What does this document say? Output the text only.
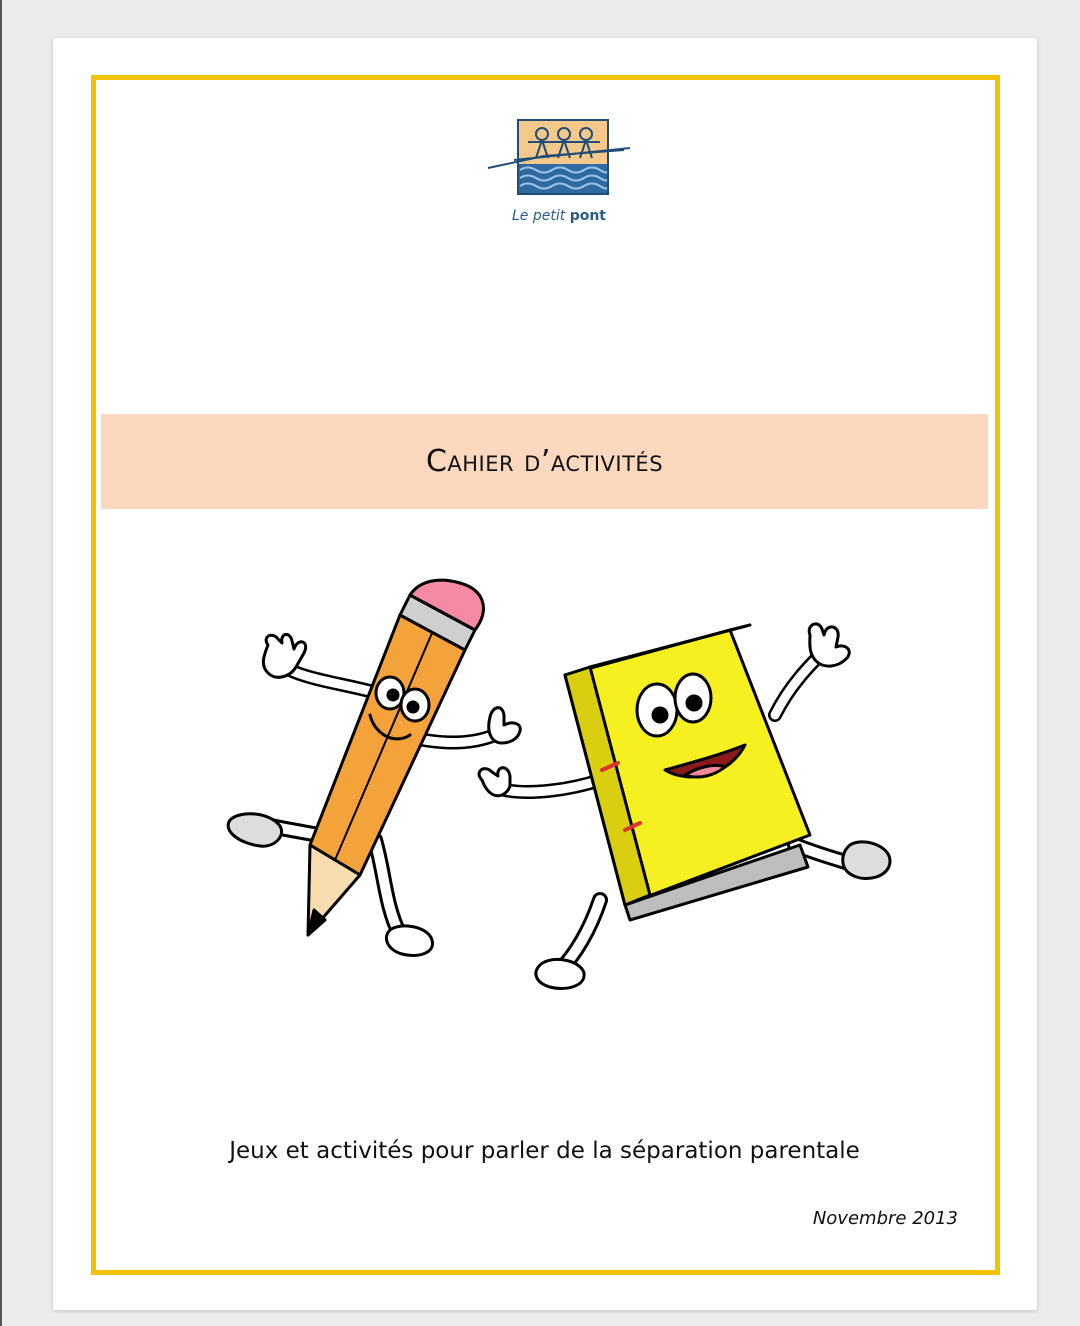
Le petit pont
Cahier d’activités
Jeux et activités pour parler de la séparation parentale
Novembre 2013
